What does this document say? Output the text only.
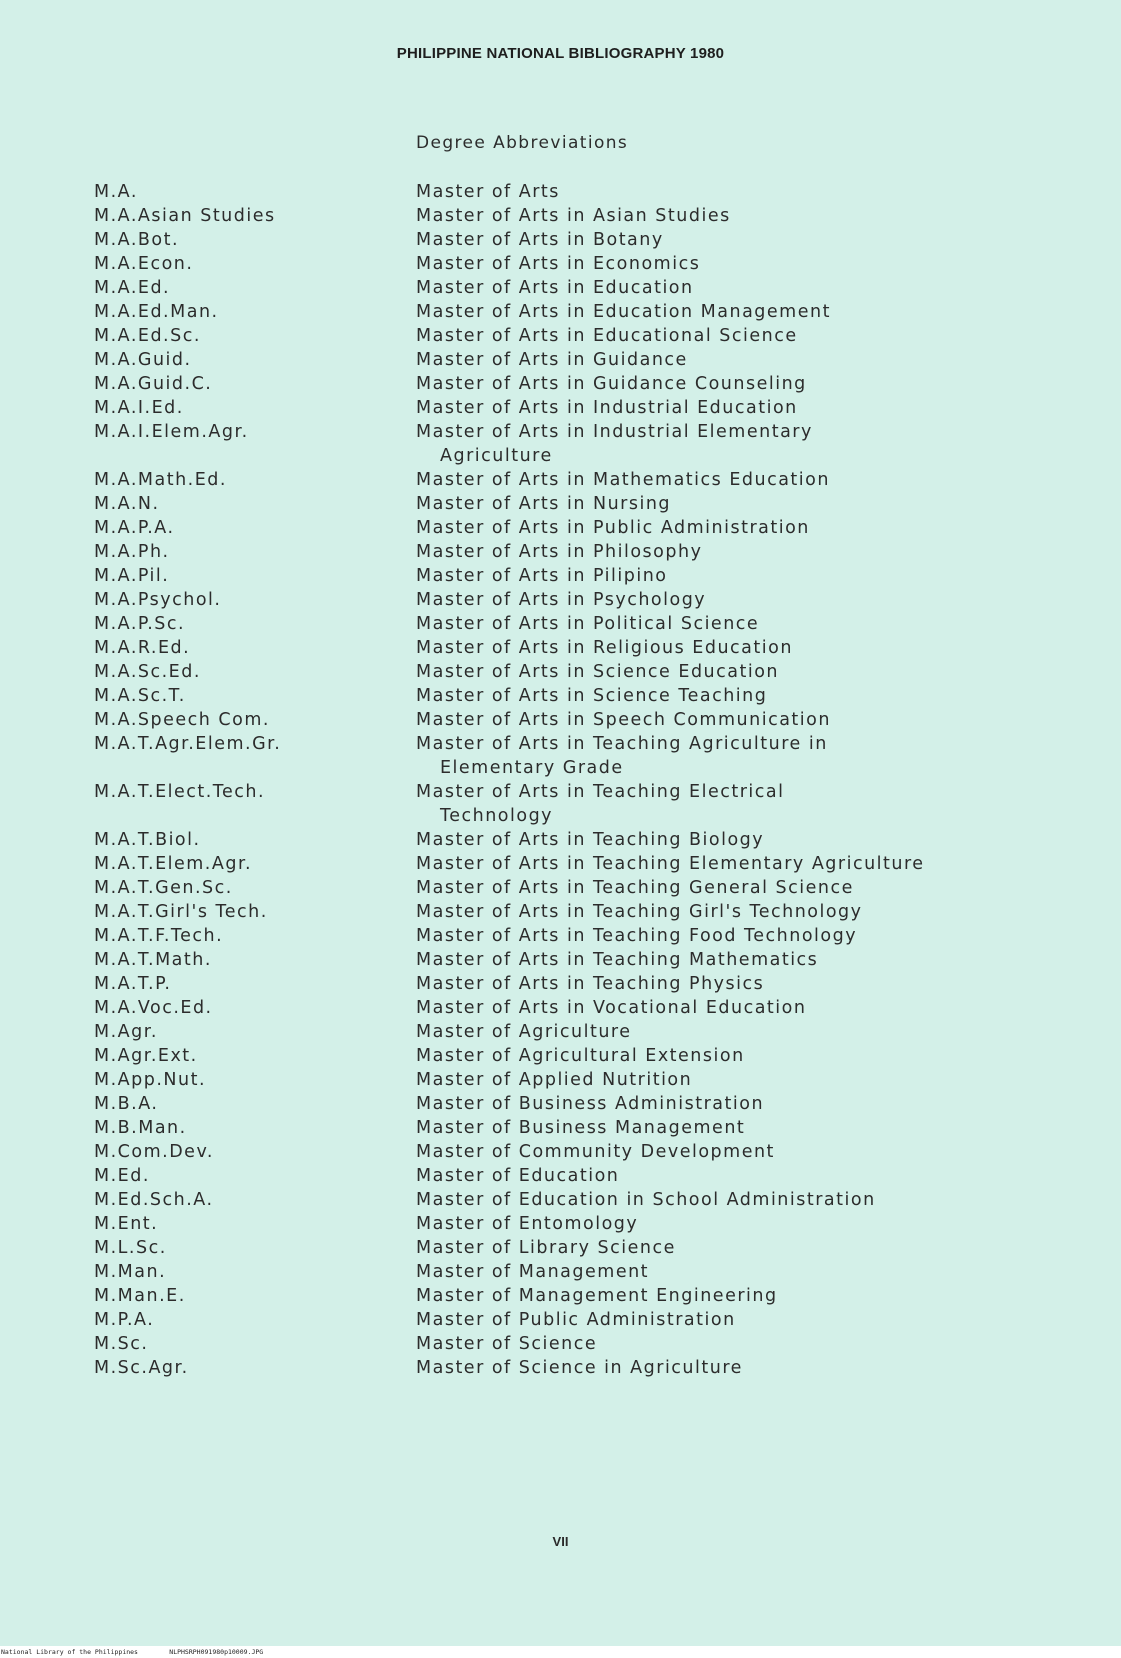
PHILIPPINE NATIONAL BIBLIOGRAPHY 1980
Degree Abbreviations
M.A.	Master of Arts
M.A.Asian Studies	Master of Arts in Asian Studies
M.A.Bot.	Master of Arts in Botany
M.A.Econ.	Master of Arts in Economics
M.A.Ed.	Master of Arts in Education
M.A.Ed.Man.	Master of Arts in Education Management
M.A.Ed.Sc.	Master of Arts in Educational Science
M.A.Guid.	Master of Arts in Guidance
M.A.Guid.C.	Master of Arts in Guidance Counseling
M.A.I.Ed.	Master of Arts in Industrial Education
M.A.I.Elem.Agr.	Master of Arts in Industrial Elementary
Agriculture
M.A.Math.Ed.	Master of Arts in Mathematics Education
M.A.N.	Master of Arts in Nursing
M.A.P.A.	Master of Arts in Public Administration
M.A.Ph.	Master of Arts in Philosophy
M.A.Pil.	Master of Arts in Pilipino
M.A.Psychol.	Master of Arts in Psychology
M.A.P.Sc.	Master of Arts in Political Science
M.A.R.Ed.	Master of Arts in Religious Education
M.A.Sc.Ed.	Master of Arts in Science Education
M.A.Sc.T.	Master of Arts in Science Teaching
M.A.Speech Com.	Master of Arts in Speech Communication
M.A.T.Agr.Elem.Gr.	Master of Arts in Teaching Agriculture in
Elementary Grade
M.A.T.Elect.Tech.	Master of Arts in Teaching Electrical
Technology
M.A.T.Biol.	Master of Arts in Teaching Biology
M.A.T.Elem.Agr.	Master of Arts in Teaching Elementary Agriculture
M.A.T.Gen.Sc.	Master of Arts in Teaching General Science
M.A.T.Girl's Tech.	Master of Arts in Teaching Girl's Technology
M.A.T.F.Tech.	Master of Arts in Teaching Food Technology
M.A.T.Math.	Master of Arts in Teaching Mathematics
M.A.T.P.	Master of Arts in Teaching Physics
M.A.Voc.Ed.	Master of Arts in Vocational Education
M.Agr.	Master of Agriculture
M.Agr.Ext.	Master of Agricultural Extension
M.App.Nut.	Master of Applied Nutrition
M.B.A.	Master of Business Administration
M.B.Man.	Master of Business Management
M.Com.Dev.	Master of Community Development
M.Ed.	Master of Education
M.Ed.Sch.A.	Master of Education in School Administration
M.Ent.	Master of Entomology
M.L.Sc.	Master of Library Science
M.Man.	Master of Management
M.Man.E.	Master of Management Engineering
M.P.A.	Master of Public Administration
M.Sc.	Master of Science
M.Sc.Agr.	Master of Science in Agriculture
VII
National Library of the Philippines	NLPHSRPH091980p10009.JPG
